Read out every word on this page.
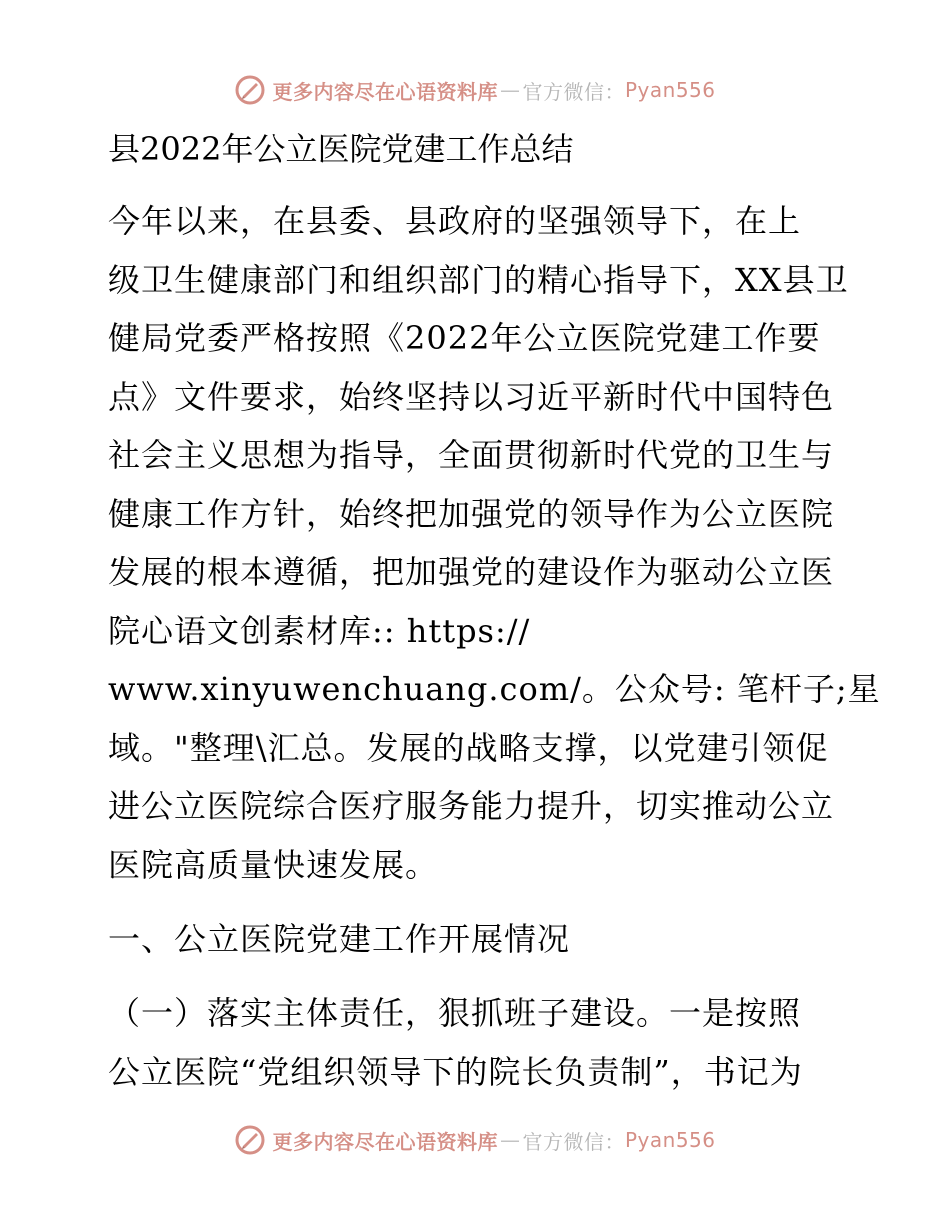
更多内容尽在心语资料库 — 官方微信： Pyan556
县2022年公立医院党建工作总结

今年以来，在县委、县政府的坚强领导下，在上
级卫生健康部门和组织部门的精心指导下，XX县卫
健局党委严格按照《2022年公立医院党建工作要
点》文件要求，始终坚持以习近平新时代中国特色
社会主义思想为指导，全面贯彻新时代党的卫生与
健康工作方针，始终把加强党的领导作为公立医院
发展的根本遵循，把加强党的建设作为驱动公立医
院心语文创素材库:: https://
www.xinyuwenchuang.com/。公众号: 笔杆子;星
域。"整理\汇总。发展的战略支撑，以党建引领促
进公立医院综合医疗服务能力提升，切实推动公立
医院高质量快速发展。

一、公立医院党建工作开展情况

（一）落实主体责任，狠抓班子建设。一是按照
公立医院“党组织领导下的院长负责制”，书记为

更多内容尽在心语资料库 — 官方微信： Pyan556
